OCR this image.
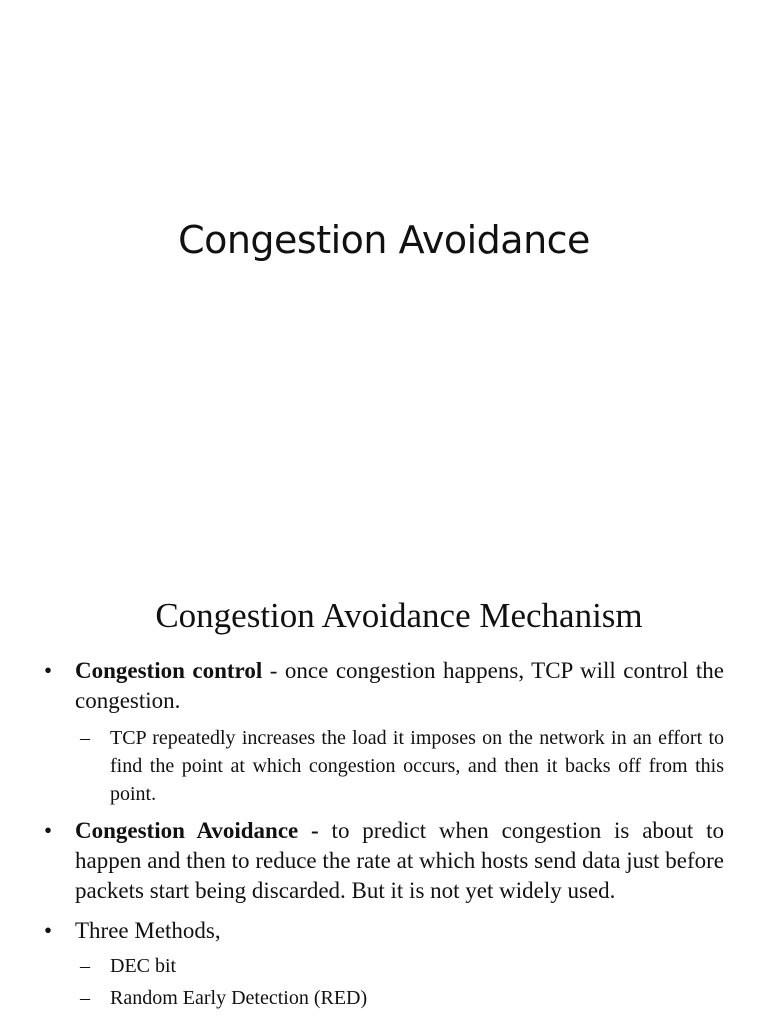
Congestion Avoidance
Congestion Avoidance Mechanism
• Congestion control - once congestion happens, TCP will control the congestion.
– TCP repeatedly increases the load it imposes on the network in an effort to find the point at which congestion occurs, and then it backs off from this point.
• Congestion Avoidance - to predict when congestion is about to happen and then to reduce the rate at which hosts send data just before packets start being discarded. But it is not yet widely used.
• Three Methods,
– DEC bit
– Random Early Detection (RED)
